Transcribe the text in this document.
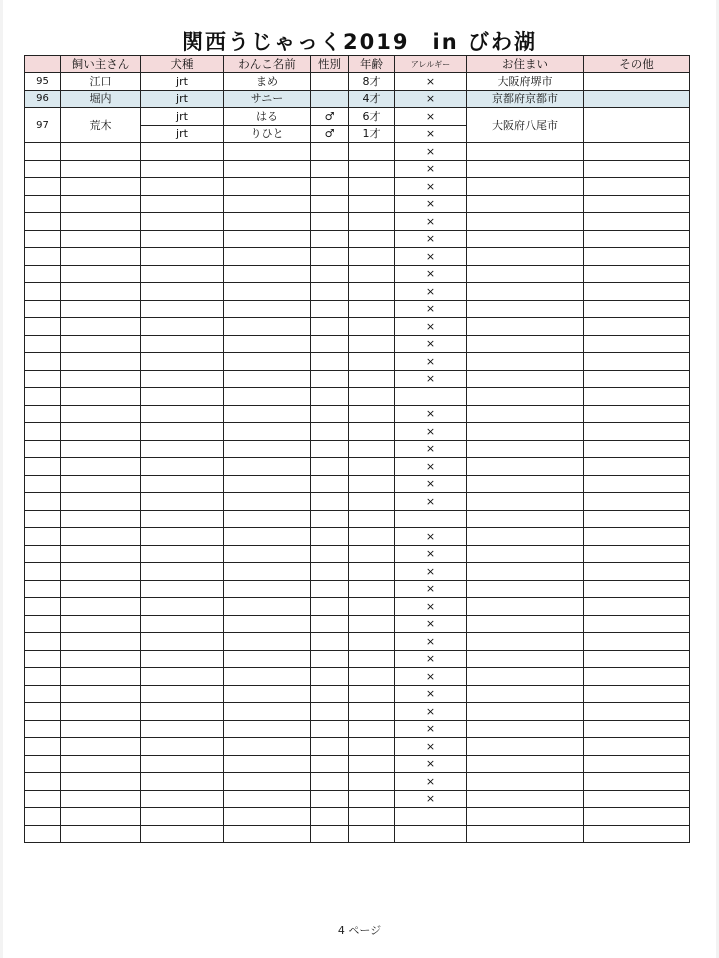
関西うじゃっく2019　in びわ湖
	飼い主さん	犬種	わんこ名前	性別	年齢	アレルギー	お住まい	その他
95	江口	jrt	まめ		8才	×	大阪府堺市	
96	堀内	jrt	サニー		4才	×	京都府京都市	
97	荒木	jrt	はる	♂	6才	×	大阪府八尾市	
		jrt	りひと	♂	1才	×		
						×		
						×		
						×		
						×		
						×		
						×		
						×		
						×		
						×		
						×		
						×		
						×		
						×		
						×		

						×		
						×		
						×		
						×		
						×		
						×		

						×		
						×		
						×		
						×		
						×		
						×		
						×		
						×		
						×		
						×		
						×		
						×		
						×		
						×		
						×		
						×		

4 ページ
